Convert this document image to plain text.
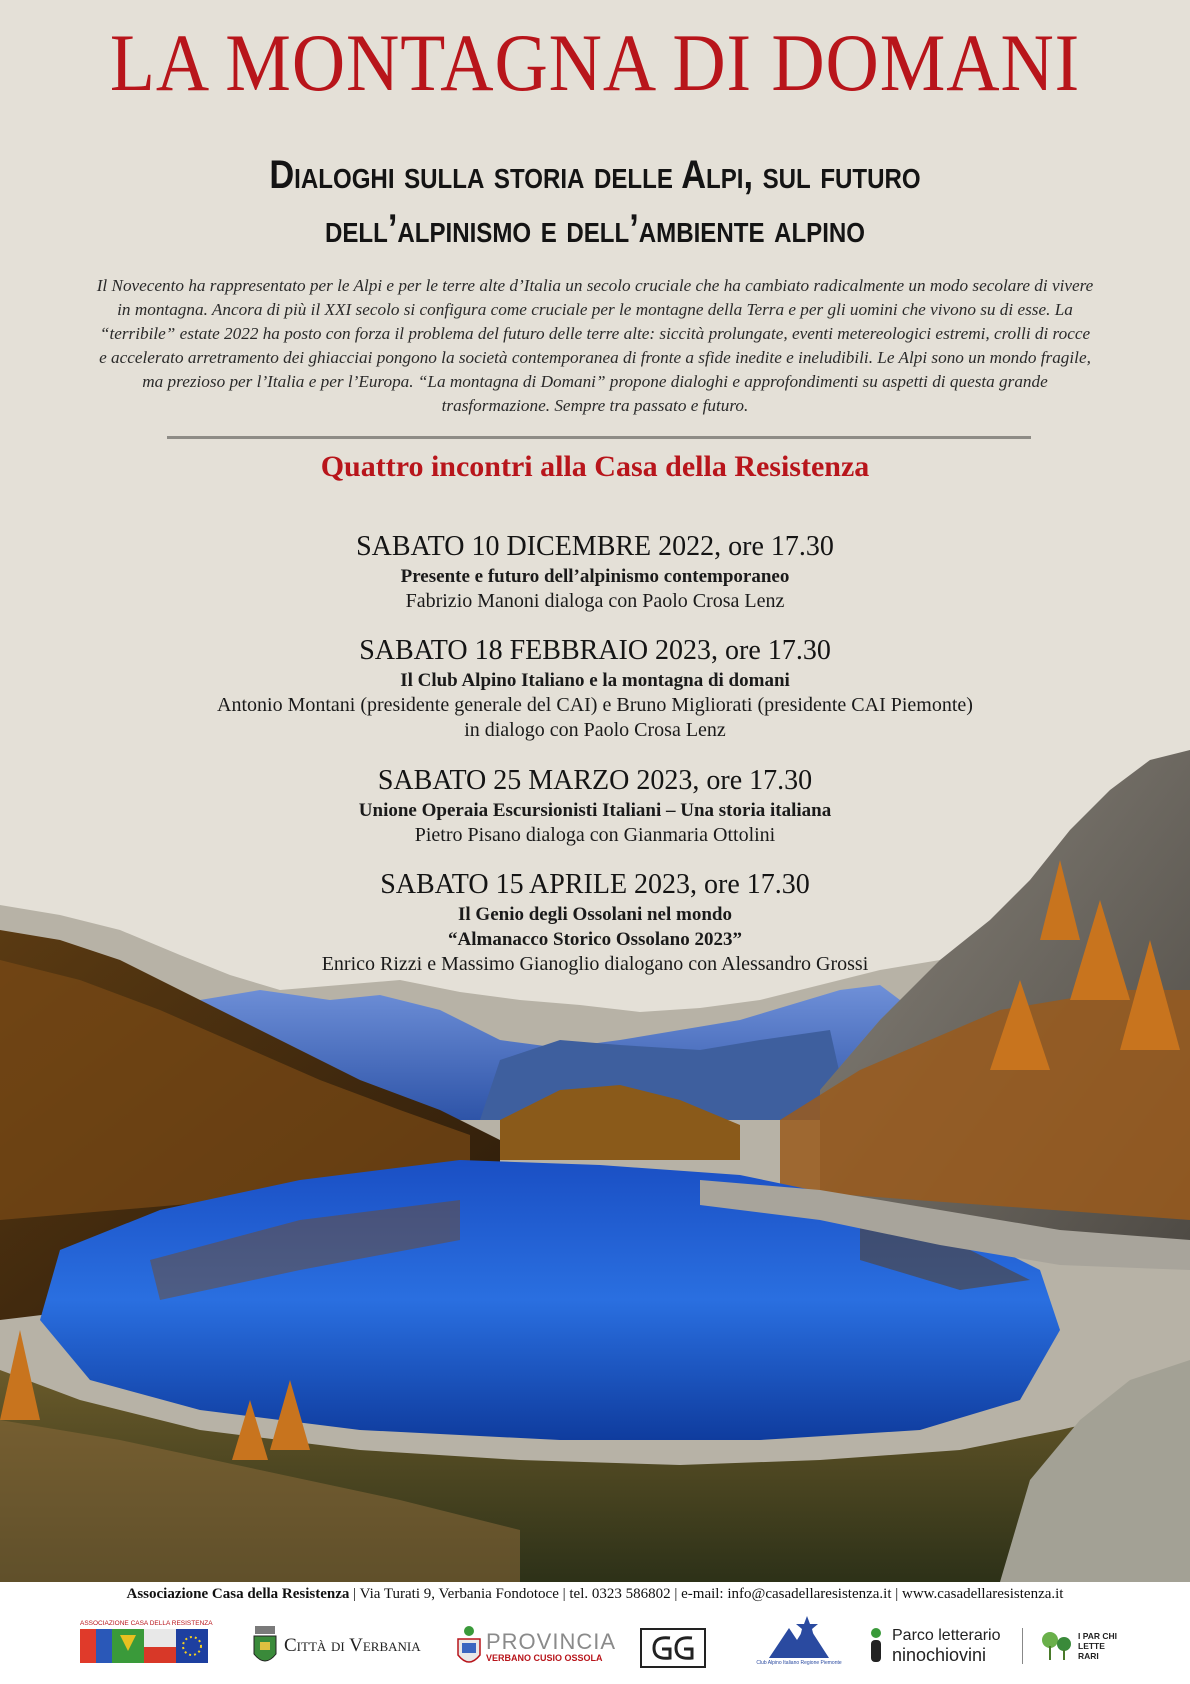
LA MONTAGNA DI DOMANI
Dialoghi sulla storia delle Alpi, sul futuro
dell’alpinismo e dell’ambiente alpino
Il Novecento ha rappresentato per le Alpi e per le terre alte d’Italia un secolo cruciale che ha cambiato radicalmente un modo secolare di vivere in montagna. Ancora di più il XXI secolo si configura come cruciale per le montagne della Terra e per gli uomini che vivono su di esse. La “terribile” estate 2022 ha posto con forza il problema del futuro delle terre alte: siccità prolungate, eventi metereologici estremi, crolli di rocce e accelerato arretramento dei ghiacciai pongono la società contemporanea di fronte a sfide inedite e ineludibili. Le Alpi sono un mondo fragile, ma prezioso per l’Italia e per l’Europa. “La montagna di Domani” propone dialoghi e approfondimenti su aspetti di questa grande trasformazione. Sempre tra passato e futuro.
Quattro incontri alla Casa della Resistenza
SABATO 10 DICEMBRE 2022, ore 17.30
Presente e futuro dell’alpinismo contemporaneo
Fabrizio Manoni dialoga con Paolo Crosa Lenz
SABATO 18 FEBBRAIO 2023, ore 17.30
Il Club Alpino Italiano e la montagna di domani
Antonio Montani (presidente generale del CAI) e Bruno Migliorati (presidente CAI Piemonte)
in dialogo con Paolo Crosa Lenz
SABATO 25 MARZO 2023, ore 17.30
Unione Operaia Escursionisti Italiani – Una storia italiana
Pietro Pisano dialoga con Gianmaria Ottolini
SABATO 15 APRILE 2023, ore 17.30
Il Genio degli Ossolani nel mondo
“Almanacco Storico Ossolano 2023”
Enrico Rizzi e Massimo Gianoglio dialogano con Alessandro Grossi
Associazione Casa della Resistenza | Via Turati 9, Verbania Fondotoce | tel. 0323 586802 | e-mail: info@casadellaresistenza.it | www.casadellaresistenza.it
ASSOCIAZIONE CASA DELLA RESISTENZA
Città di Verbania	PROVINCIA
VERBANO CUSIO OSSOLA	Club Alpino Italiano Regione Piemonte
Parco letterario
ninochiovini
I PAR CHI LETTE RARI
